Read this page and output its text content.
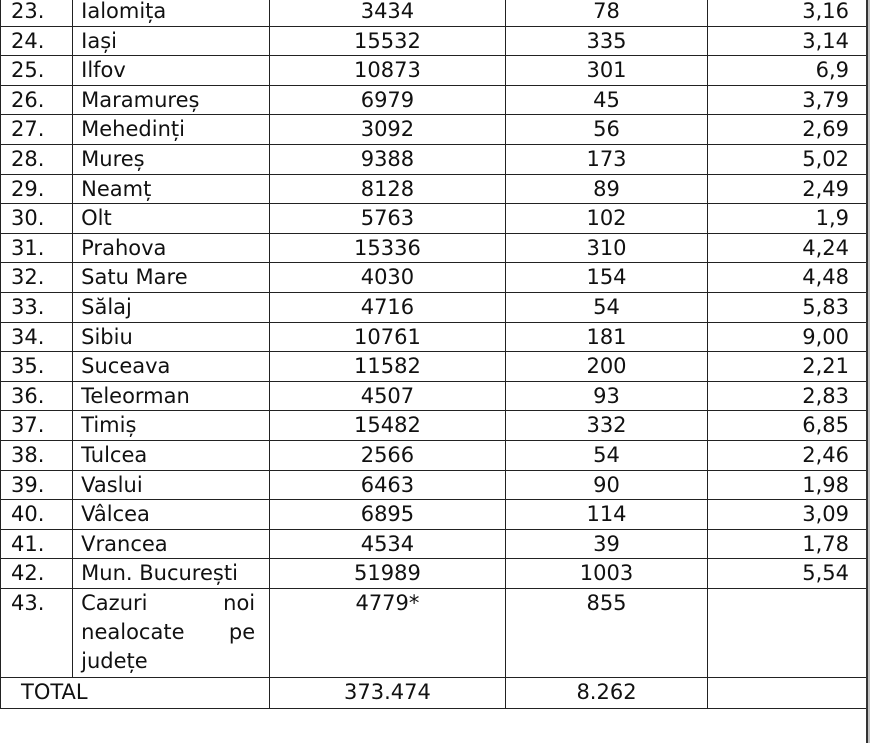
23.	Ialomița	3434	78	3,16
24.	Iași	15532	335	3,14
25.	Ilfov	10873	301	6,9
26.	Maramureș	6979	45	3,79
27.	Mehedinți	3092	56	2,69
28.	Mureș	9388	173	5,02
29.	Neamț	8128	89	2,49
30.	Olt	5763	102	1,9
31.	Prahova	15336	310	4,24
32.	Satu Mare	4030	154	4,48
33.	Sălaj	4716	54	5,83
34.	Sibiu	10761	181	9,00
35.	Suceava	11582	200	2,21
36.	Teleorman	4507	93	2,83
37.	Timiș	15482	332	6,85
38.	Tulcea	2566	54	2,46
39.	Vaslui	6463	90	1,98
40.	Vâlcea	6895	114	3,09
41.	Vrancea	4534	39	1,78
42.	Mun. București	51989	1003	5,54
43.	Cazuri noi
nealocate pe
județe	4779*	855	
TOTAL		373.474	8.262	
